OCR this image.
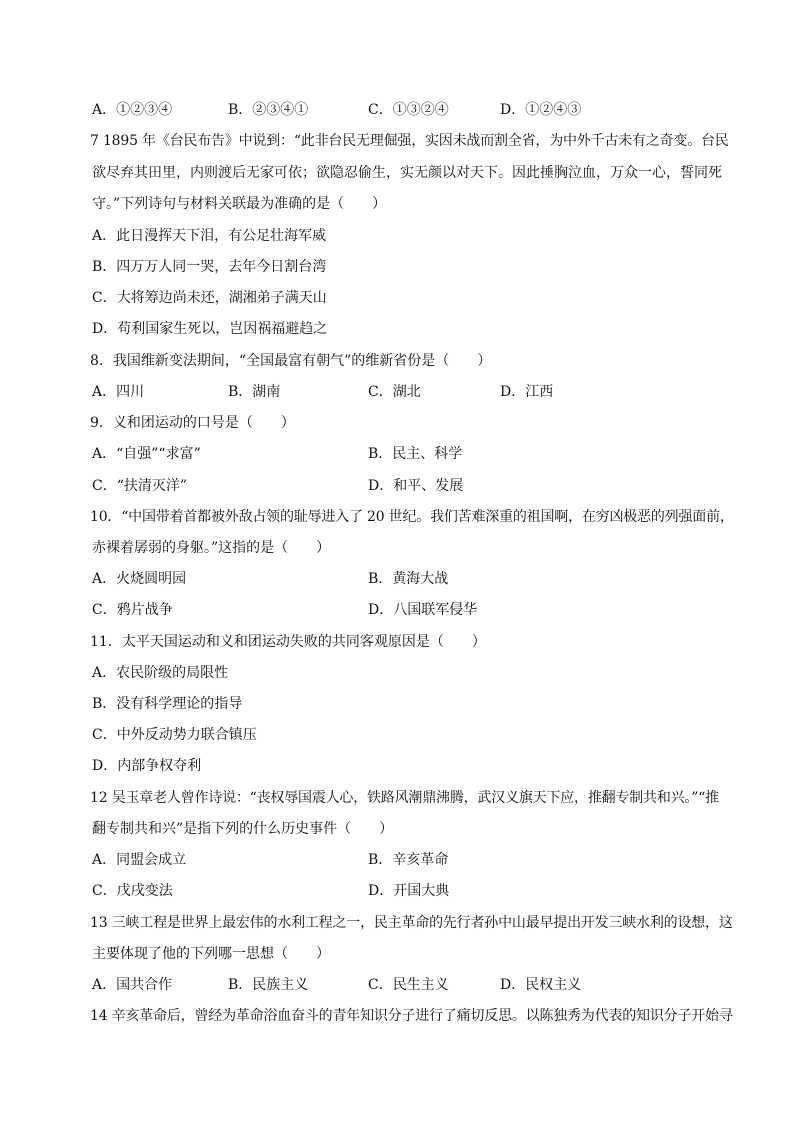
A．①②③④	B．②③④①	C．①③②④	D．①②④③
7 1895 年《台民布告》中说到：“此非台民无理倔强，实因未战而割全省，为中外千古未有之奇变。台民
欲尽弃其田里，内则渡后无家可依；欲隐忍偷生，实无颜以对天下。因此捶胸泣血，万众一心，誓同死
守。”下列诗句与材料关联最为准确的是（　　）
A．此日漫挥天下泪，有公足壮海军威
B．四万万人同一哭，去年今日割台湾
C．大将筹边尚未还，湖湘弟子满天山
D．苟利国家生死以，岂因祸福避趋之
8．我国维新变法期间，“全国最富有朝气”的维新省份是（　　）
A．四川	B．湖南	C．湖北	D．江西
9．义和团运动的口号是（　　）
A．“自强”“求富”	B．民主、科学
C．“扶清灭洋”	D．和平、发展
10．“中国带着首都被外敌占领的耻辱进入了 20 世纪。我们苦难深重的祖国啊，在穷凶极恶的列强面前，
赤裸着孱弱的身躯。”这指的是（　　）
A．火烧圆明园	B．黄海大战
C．鸦片战争	D．八国联军侵华
11．太平天国运动和义和团运动失败的共同客观原因是（　　）
A．农民阶级的局限性
B．没有科学理论的指导
C．中外反动势力联合镇压
D．内部争权夺利
12 吴玉章老人曾作诗说：“丧权辱国震人心，铁路风潮鼎沸腾，武汉义旗天下应，推翻专制共和兴。”“推
翻专制共和兴”是指下列的什么历史事件（　　）
A．同盟会成立	B．辛亥革命
C．戊戌变法	D．开国大典
13 三峡工程是世界上最宏伟的水利工程之一，民主革命的先行者孙中山最早提出开发三峡水利的设想，这
主要体现了他的下列哪一思想（　　）
A．国共合作	B．民族主义	C．民生主义	D．民权主义
14 辛亥革命后，曾经为革命浴血奋斗的青年知识分子进行了痛切反思。以陈独秀为代表的知识分子开始寻
